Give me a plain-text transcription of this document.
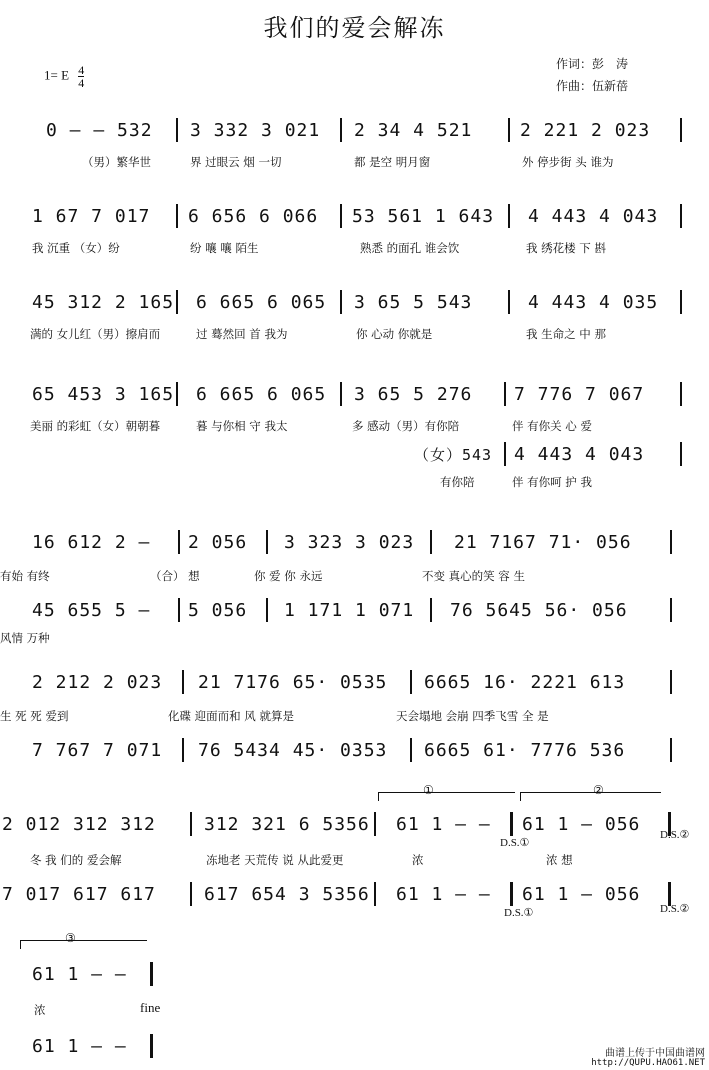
我们的爱会解冻
1= E $\frac{4}{4}$	作词：彭　涛
作曲：伍新蓓
0 – – 532 3 332 3 021 2 34 4 521	2 221 2 023
（男）繁华世	界 过眼云 烟 一切	都 是空 明月窗	外 停步街 头 谁为
1 67 7 017 6 656 6 066 53 561 1 643 4 443 4 043
我 沉重 （女）纷	纷 嚷 嚷 陌生	熟悉 的面孔 谁会饮	我 绣花楼 下 斟
45 312 2 165 6 665 6 065 3 65 5 543	4 443 4 035
满的 女儿红（男）擦肩而	过 蓦然回 首 我为	你 心动 你就是	我 生命之 中 那
65 453 3 165 6 665 6 065 3 65 5 276 7 776 7 067
美丽 的彩虹（女）朝朝暮	暮 与你相 守 我太	多 感动（男）有你陪	伴 有你关 心 爱
（女）543 4 443 4 043
有你陪	伴 有你呵 护 我
16 612 2 – 2 056 3 323 3 023 21 7167 71· 056
有始 有终	（合） 想	你 爱 你 永远	不变 真心的笑 容 生
45 655 5 – 5 056 1 171 1 071 76 5645 56· 056
风情 万种
2 212 2 023 21 7176 65· 0535 6665 16· 2221 613
生 死 死 爱到	化碟 迎面而和 风 就算是	天会塌地 会崩 四季飞雪 全 是
7 767 7 071 76 5434 45· 0353 6665 61· 7776 536
①	②
2 012 312 312	312 321 6 5356 61 1 – – 61 1 – 056
D.S.①
D.S.②
冬 我 们的 爱会解	冻地老 天荒传 说 从此爱更	浓	浓 想
7 017 617 617	617 654 3 5356 61 1 – – 61 1 – 056
D.S.①	D.S.②
③
61 1 – –
浓	fine
61 1 – –	曲谱上传于中国曲谱网
http://QUPU.HAO61.NET
